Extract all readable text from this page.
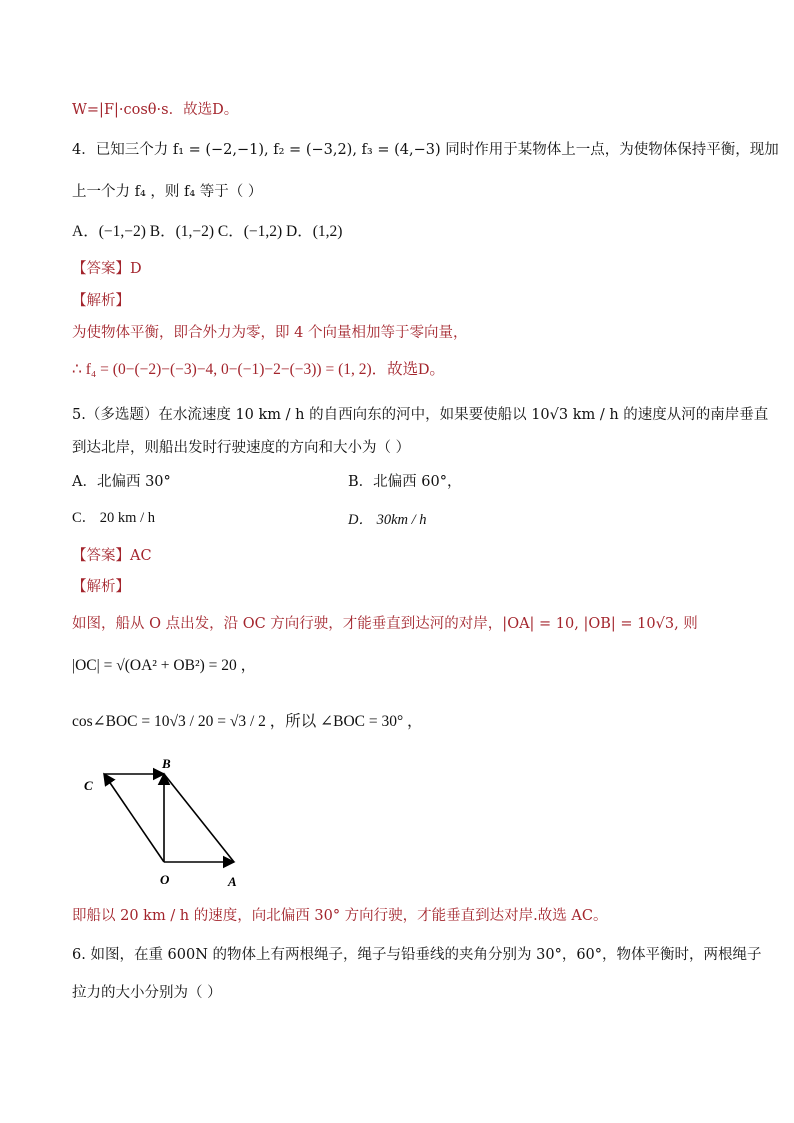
W=|F|·cosθ·s．故选D。
4．已知三个力 f₁ = (−2,−1), f₂ = (−3,2), f₃ = (4,−3) 同时作用于某物体上一点，为使物体保持平衡，现加
上一个力 f₄ ，则 f₄ 等于（ ）
A．(−1,−2) B．(1,−2) C．(−1,2) D．(1,2)
【答案】D
【解析】
为使物体平衡，即合外力为零，即 4 个向量相加等于零向量，
∴ f₄ = (0−(−2)−(−3)−4, 0−(−1)−2−(−3)) = (1, 2)．故选D。
5.（多选题）在水流速度 10 km / h 的自西向东的河中，如果要使船以 10√3 km / h 的速度从河的南岸垂直
到达北岸，则船出发时行驶速度的方向和大小为（ ）
A．北偏西 30°	B．北偏西 60°，
C． 20 km / h	D． 30km / h
【答案】AC
【解析】
如图，船从 O 点出发，沿 OC 方向行驶，才能垂直到达河的对岸，|OA| = 10, |OB| = 10√3, 则
|OC| = √(OA² + OB²) = 20 ，
cos∠BOC = 10√3 / 20 = √3 / 2 ，所以 ∠BOC = 30° ，
C
B
O	A
即船以 20 km / h 的速度，向北偏西 30° 方向行驶，才能垂直到达对岸.故选 AC。
6. 如图，在重 600N 的物体上有两根绳子，绳子与铅垂线的夹角分别为 30°，60°，物体平衡时，两根绳子
拉力的大小分别为（ ）
